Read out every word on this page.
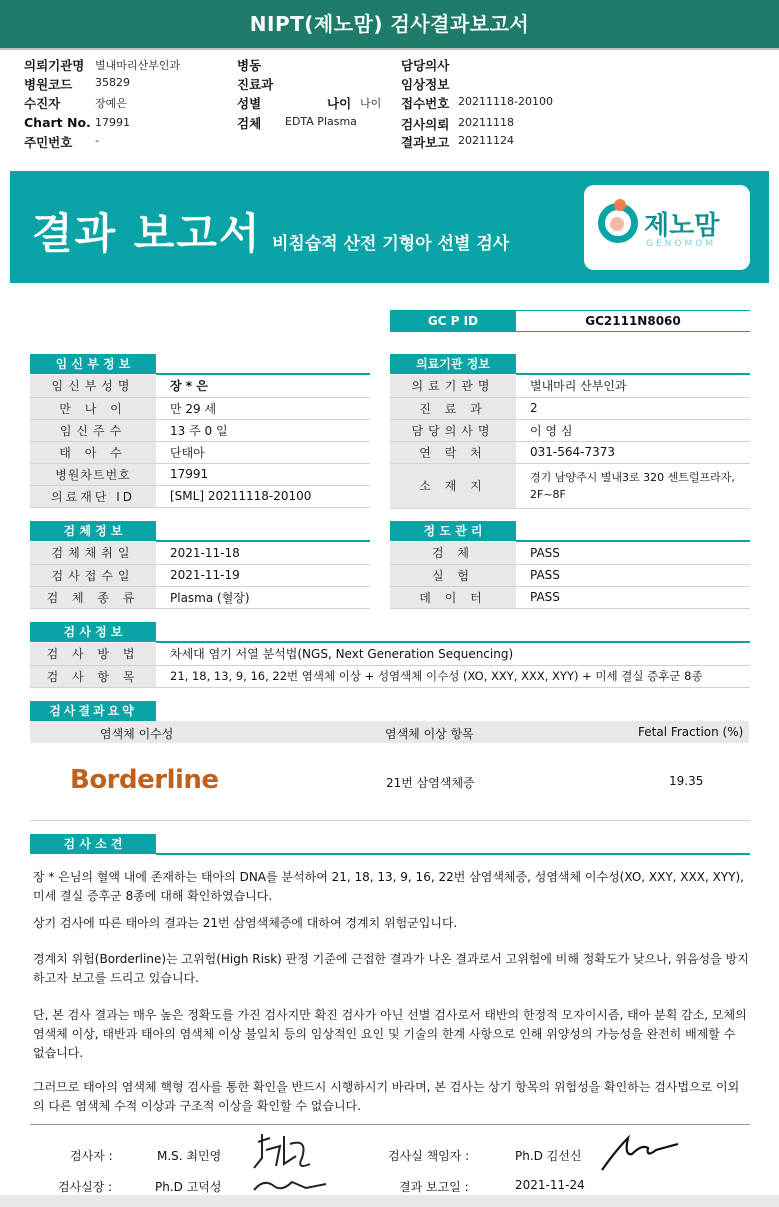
NIPT(제노맘) 검사결과보고서
의뢰기관명 별내마리산부인과
병원코드 35829
수진자	장예은
Chart No. 17991
주민번호 -
병동
진료과
성별	나이 나이
검체 EDTA Plasma
담당의사
임상정보
접수번호 20211118-20100
검사의뢰 20211118
결과보고 20211124
결과 보고서 비침습적 산전 기형아 선별 검사
제노맘
GENOMOM
GC P ID	GC2111N8060
임 신 부 정 보
임신부성명	장 * 은
만 나 이	만 29 세
임신주수	13 주 0 일
태 아 수	단태아
병원차트번호	17991
의료재단 ID	[SML] 20211118-20100
의료기관 정보
의료기관명	별내마리 산부인과
진 료 과	2
담당의사명	이 영 심
연 락 처	031-564-7373
소 재 지	경기 남양주시 별내3로 320 센트럴프라자,
2F~8F
검 체 정 보
검체채취일	2021-11-18
검사접수일	2021-11-19
검 체 종 류	Plasma (혈장)
정 도 관 리
검 체	PASS
실 험	PASS
데 이 터	PASS
검 사 정 보
검 사 방 법	차세대 염기 서열 분석법(NGS, Next Generation Sequencing)
검 사 항 목	21, 18, 13, 9, 16, 22번 염색체 이상 + 성염색체 이수성 (XO, XXY, XXX, XYY) + 미세 결실 증후군 8종
검사결과요약
염색체 이수성	염색체 이상 항목	Fetal Fraction (%)
Borderline	21번 삼염색체증	19.35
검 사 소 견
장 * 은님의 혈액 내에 존재하는 태아의 DNA를 분석하여 21, 18, 13, 9, 16, 22번 삼염색체증, 성염색체 이수성(XO, XXY, XXX, XYY), 미세 결실 증후군 8종에 대해 확인하였습니다.
상기 검사에 따른 태아의 결과는 21번 삼염색체증에 대하여 경계치 위험군입니다.
경계치 위험(Borderline)는 고위험(High Risk) 판정 기준에 근접한 결과가 나온 결과로서 고위험에 비해 정확도가 낮으나, 위음성을 방지하고자 보고를 드리고 있습니다.
단, 본 검사 결과는 매우 높은 정확도를 가진 검사지만 확진 검사가 아닌 선별 검사로서 태반의 한정적 모자이시즘, 태아 분획 감소, 모체의 염색체 이상, 태반과 태아의 염색체 이상 불일치 등의 임상적인 요인 및 기술의 한계 사항으로 인해 위양성의 가능성을 완전히 배제할 수 없습니다.
그러므로 태아의 염색체 핵형 검사를 통한 확인을 반드시 시행하시기 바라며, 본 검사는 상기 항목의 위험성을 확인하는 검사법으로 이외의 다른 염색체 수적 이상과 구조적 이상을 확인할 수 없습니다.
검사자 :	M.S. 최민영	검사실 책임자 :	Ph.D 김선신
검사실장 :	Ph.D 고덕성	결과 보고일 :	2021-11-24
